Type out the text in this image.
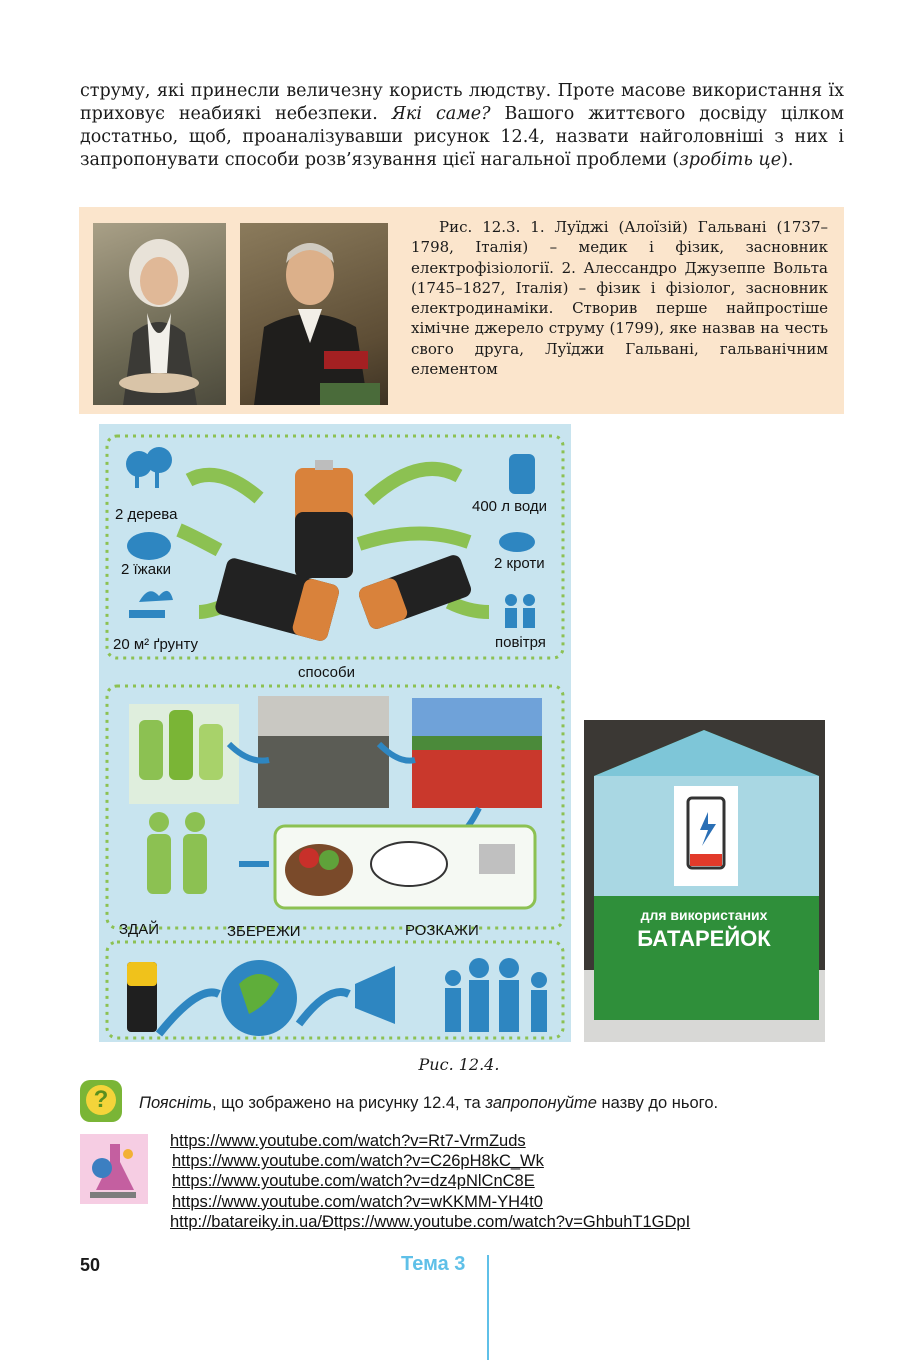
струму, які принесли величезну користь людству. Проте масове використання їх приховує неабиякі небезпеки. Які саме? Вашого життєвого досвіду цілком достатньо, щоб, проаналізувавши рисунок 12.4, назвати найголовніші з них і запропонувати способи розв’язування цієї нагальної проблеми (зробіть це).
Рис. 12.3. 1. Луїджі (Алоїзій) Гальвані (1737–1798, Італія) – медик і фізик, засновник електрофізіології. 2. Алессандро Джузеппе Вольта (1745–1827, Італія) – фізик і фізіолог, засновник електродинаміки. Створив перше найпростіше хімічне джерело струму (1799), яке назвав на честь свого друга, Луїджи Гальвані, гальванічним елементом
2 дерева
2 їжаки
20 м² ґрунту
400 л води
2 кроти
повітря
способи
ЗДАЙ	ЗБЕРЕЖИ	РОЗКАЖИ
для використаних
БАТАРЕЙОК
Рис. 12.4.
?	Поясніть, що зображено на рисунку 12.4, та запропонуйте назву до нього.
https://www.youtube.com/watch?v=Rt7-VrmZuds
https://www.youtube.com/watch?v=C26pH8kC_Wk
https://www.youtube.com/watch?v=dz4pNlCnC8E
https://www.youtube.com/watch?v=wKKMM-YH4t0
http://batareiky.in.ua/Ðttps://www.youtube.com/watch?v=GhbuhT1GDpI
50	Тема 3
